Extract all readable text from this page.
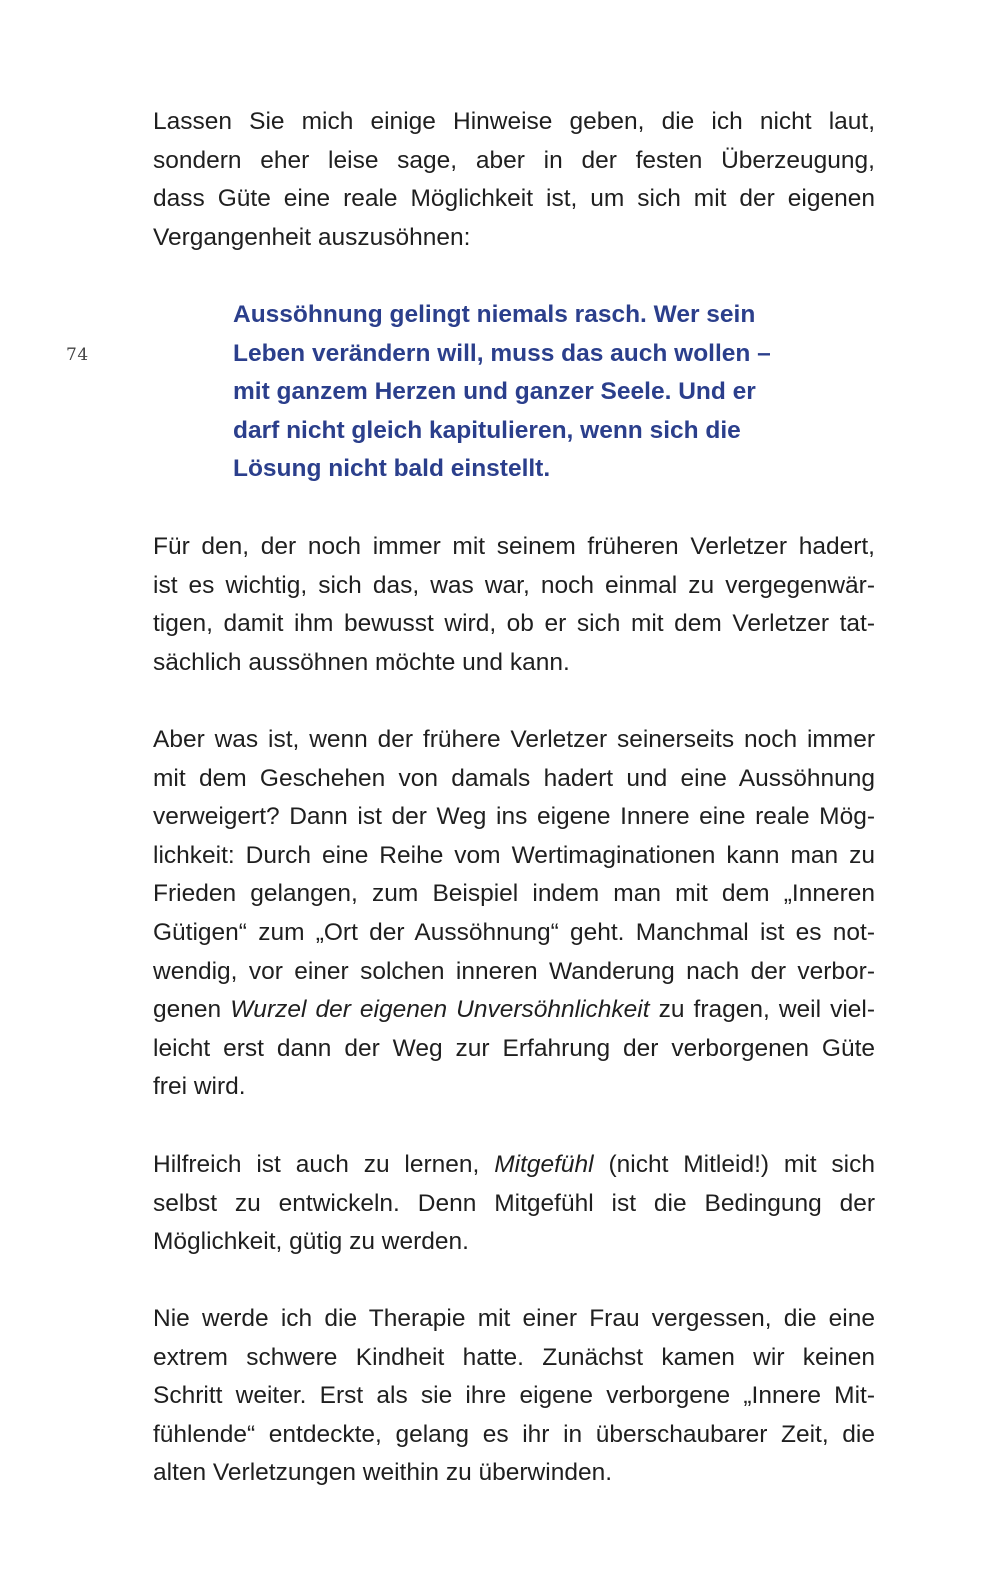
74

Lassen Sie mich einige Hinweise geben, die ich nicht laut,
sondern eher leise sage, aber in der festen Überzeugung,
dass Güte eine reale Möglichkeit ist, um sich mit der eigenen
Vergangenheit auszusöhnen:

Aussöhnung gelingt niemals rasch. Wer sein
Leben verändern will, muss das auch wollen –
mit ganzem Herzen und ganzer Seele. Und er
darf nicht gleich kapitulieren, wenn sich die
Lösung nicht bald einstellt.

Für den, der noch immer mit seinem früheren Verletzer hadert,
ist es wichtig, sich das, was war, noch einmal zu vergegenwär-
tigen, damit ihm bewusst wird, ob er sich mit dem Verletzer tat-
sächlich aussöhnen möchte und kann.

Aber was ist, wenn der frühere Verletzer seinerseits noch immer
mit dem Geschehen von damals hadert und eine Aussöhnung
verweigert? Dann ist der Weg ins eigene Innere eine reale Mög-
lichkeit: Durch eine Reihe vom Wertimaginationen kann man zu
Frieden gelangen, zum Beispiel indem man mit dem „Inneren
Gütigen“ zum „Ort der Aussöhnung“ geht. Manchmal ist es not-
wendig, vor einer solchen inneren Wanderung nach der verbor-
genen Wurzel der eigenen Unversöhnlichkeit zu fragen, weil viel-
leicht erst dann der Weg zur Erfahrung der verborgenen Güte
frei wird.

Hilfreich ist auch zu lernen, Mitgefühl (nicht Mitleid!) mit sich
selbst zu entwickeln. Denn Mitgefühl ist die Bedingung der
Möglichkeit, gütig zu werden.

Nie werde ich die Therapie mit einer Frau vergessen, die eine
extrem schwere Kindheit hatte. Zunächst kamen wir keinen
Schritt weiter. Erst als sie ihre eigene verborgene „Innere Mit-
fühlende“ entdeckte, gelang es ihr in überschaubarer Zeit, die
alten Verletzungen weithin zu überwinden.
